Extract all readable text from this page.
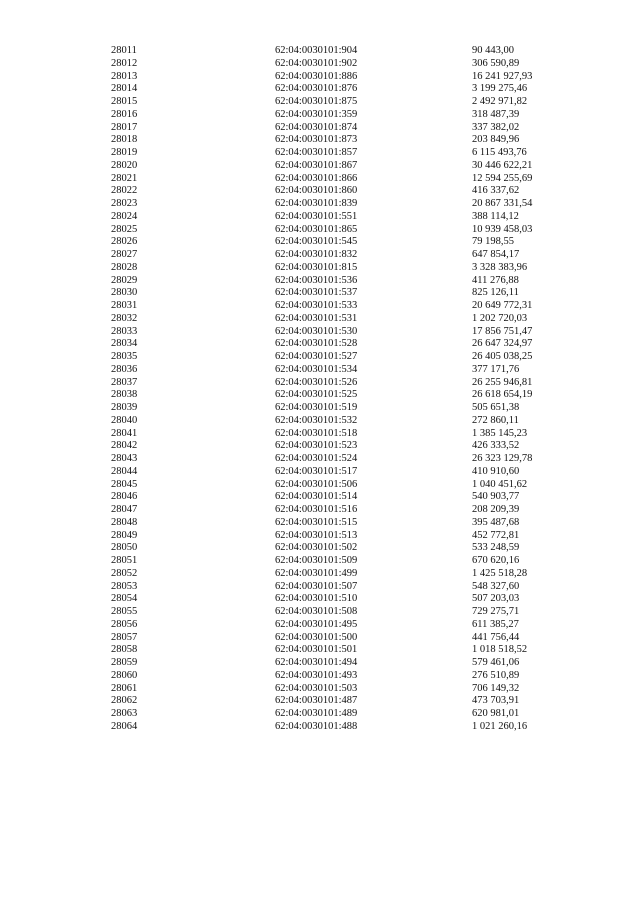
28011	62:04:0030101:904	90 443,00
28012	62:04:0030101:902	306 590,89
28013	62:04:0030101:886	16 241 927,93
28014	62:04:0030101:876	3 199 275,46
28015	62:04:0030101:875	2 492 971,82
28016	62:04:0030101:359	318 487,39
28017	62:04:0030101:874	337 382,02
28018	62:04:0030101:873	203 849,96
28019	62:04:0030101:857	6 115 493,76
28020	62:04:0030101:867	30 446 622,21
28021	62:04:0030101:866	12 594 255,69
28022	62:04:0030101:860	416 337,62
28023	62:04:0030101:839	20 867 331,54
28024	62:04:0030101:551	388 114,12
28025	62:04:0030101:865	10 939 458,03
28026	62:04:0030101:545	79 198,55
28027	62:04:0030101:832	647 854,17
28028	62:04:0030101:815	3 328 383,96
28029	62:04:0030101:536	411 276,88
28030	62:04:0030101:537	825 126,11
28031	62:04:0030101:533	20 649 772,31
28032	62:04:0030101:531	1 202 720,03
28033	62:04:0030101:530	17 856 751,47
28034	62:04:0030101:528	26 647 324,97
28035	62:04:0030101:527	26 405 038,25
28036	62:04:0030101:534	377 171,76
28037	62:04:0030101:526	26 255 946,81
28038	62:04:0030101:525	26 618 654,19
28039	62:04:0030101:519	505 651,38
28040	62:04:0030101:532	272 860,11
28041	62:04:0030101:518	1 385 145,23
28042	62:04:0030101:523	426 333,52
28043	62:04:0030101:524	26 323 129,78
28044	62:04:0030101:517	410 910,60
28045	62:04:0030101:506	1 040 451,62
28046	62:04:0030101:514	540 903,77
28047	62:04:0030101:516	208 209,39
28048	62:04:0030101:515	395 487,68
28049	62:04:0030101:513	452 772,81
28050	62:04:0030101:502	533 248,59
28051	62:04:0030101:509	670 620,16
28052	62:04:0030101:499	1 425 518,28
28053	62:04:0030101:507	548 327,60
28054	62:04:0030101:510	507 203,03
28055	62:04:0030101:508	729 275,71
28056	62:04:0030101:495	611 385,27
28057	62:04:0030101:500	441 756,44
28058	62:04:0030101:501	1 018 518,52
28059	62:04:0030101:494	579 461,06
28060	62:04:0030101:493	276 510,89
28061	62:04:0030101:503	706 149,32
28062	62:04:0030101:487	473 703,91
28063	62:04:0030101:489	620 981,01
28064	62:04:0030101:488	1 021 260,16
